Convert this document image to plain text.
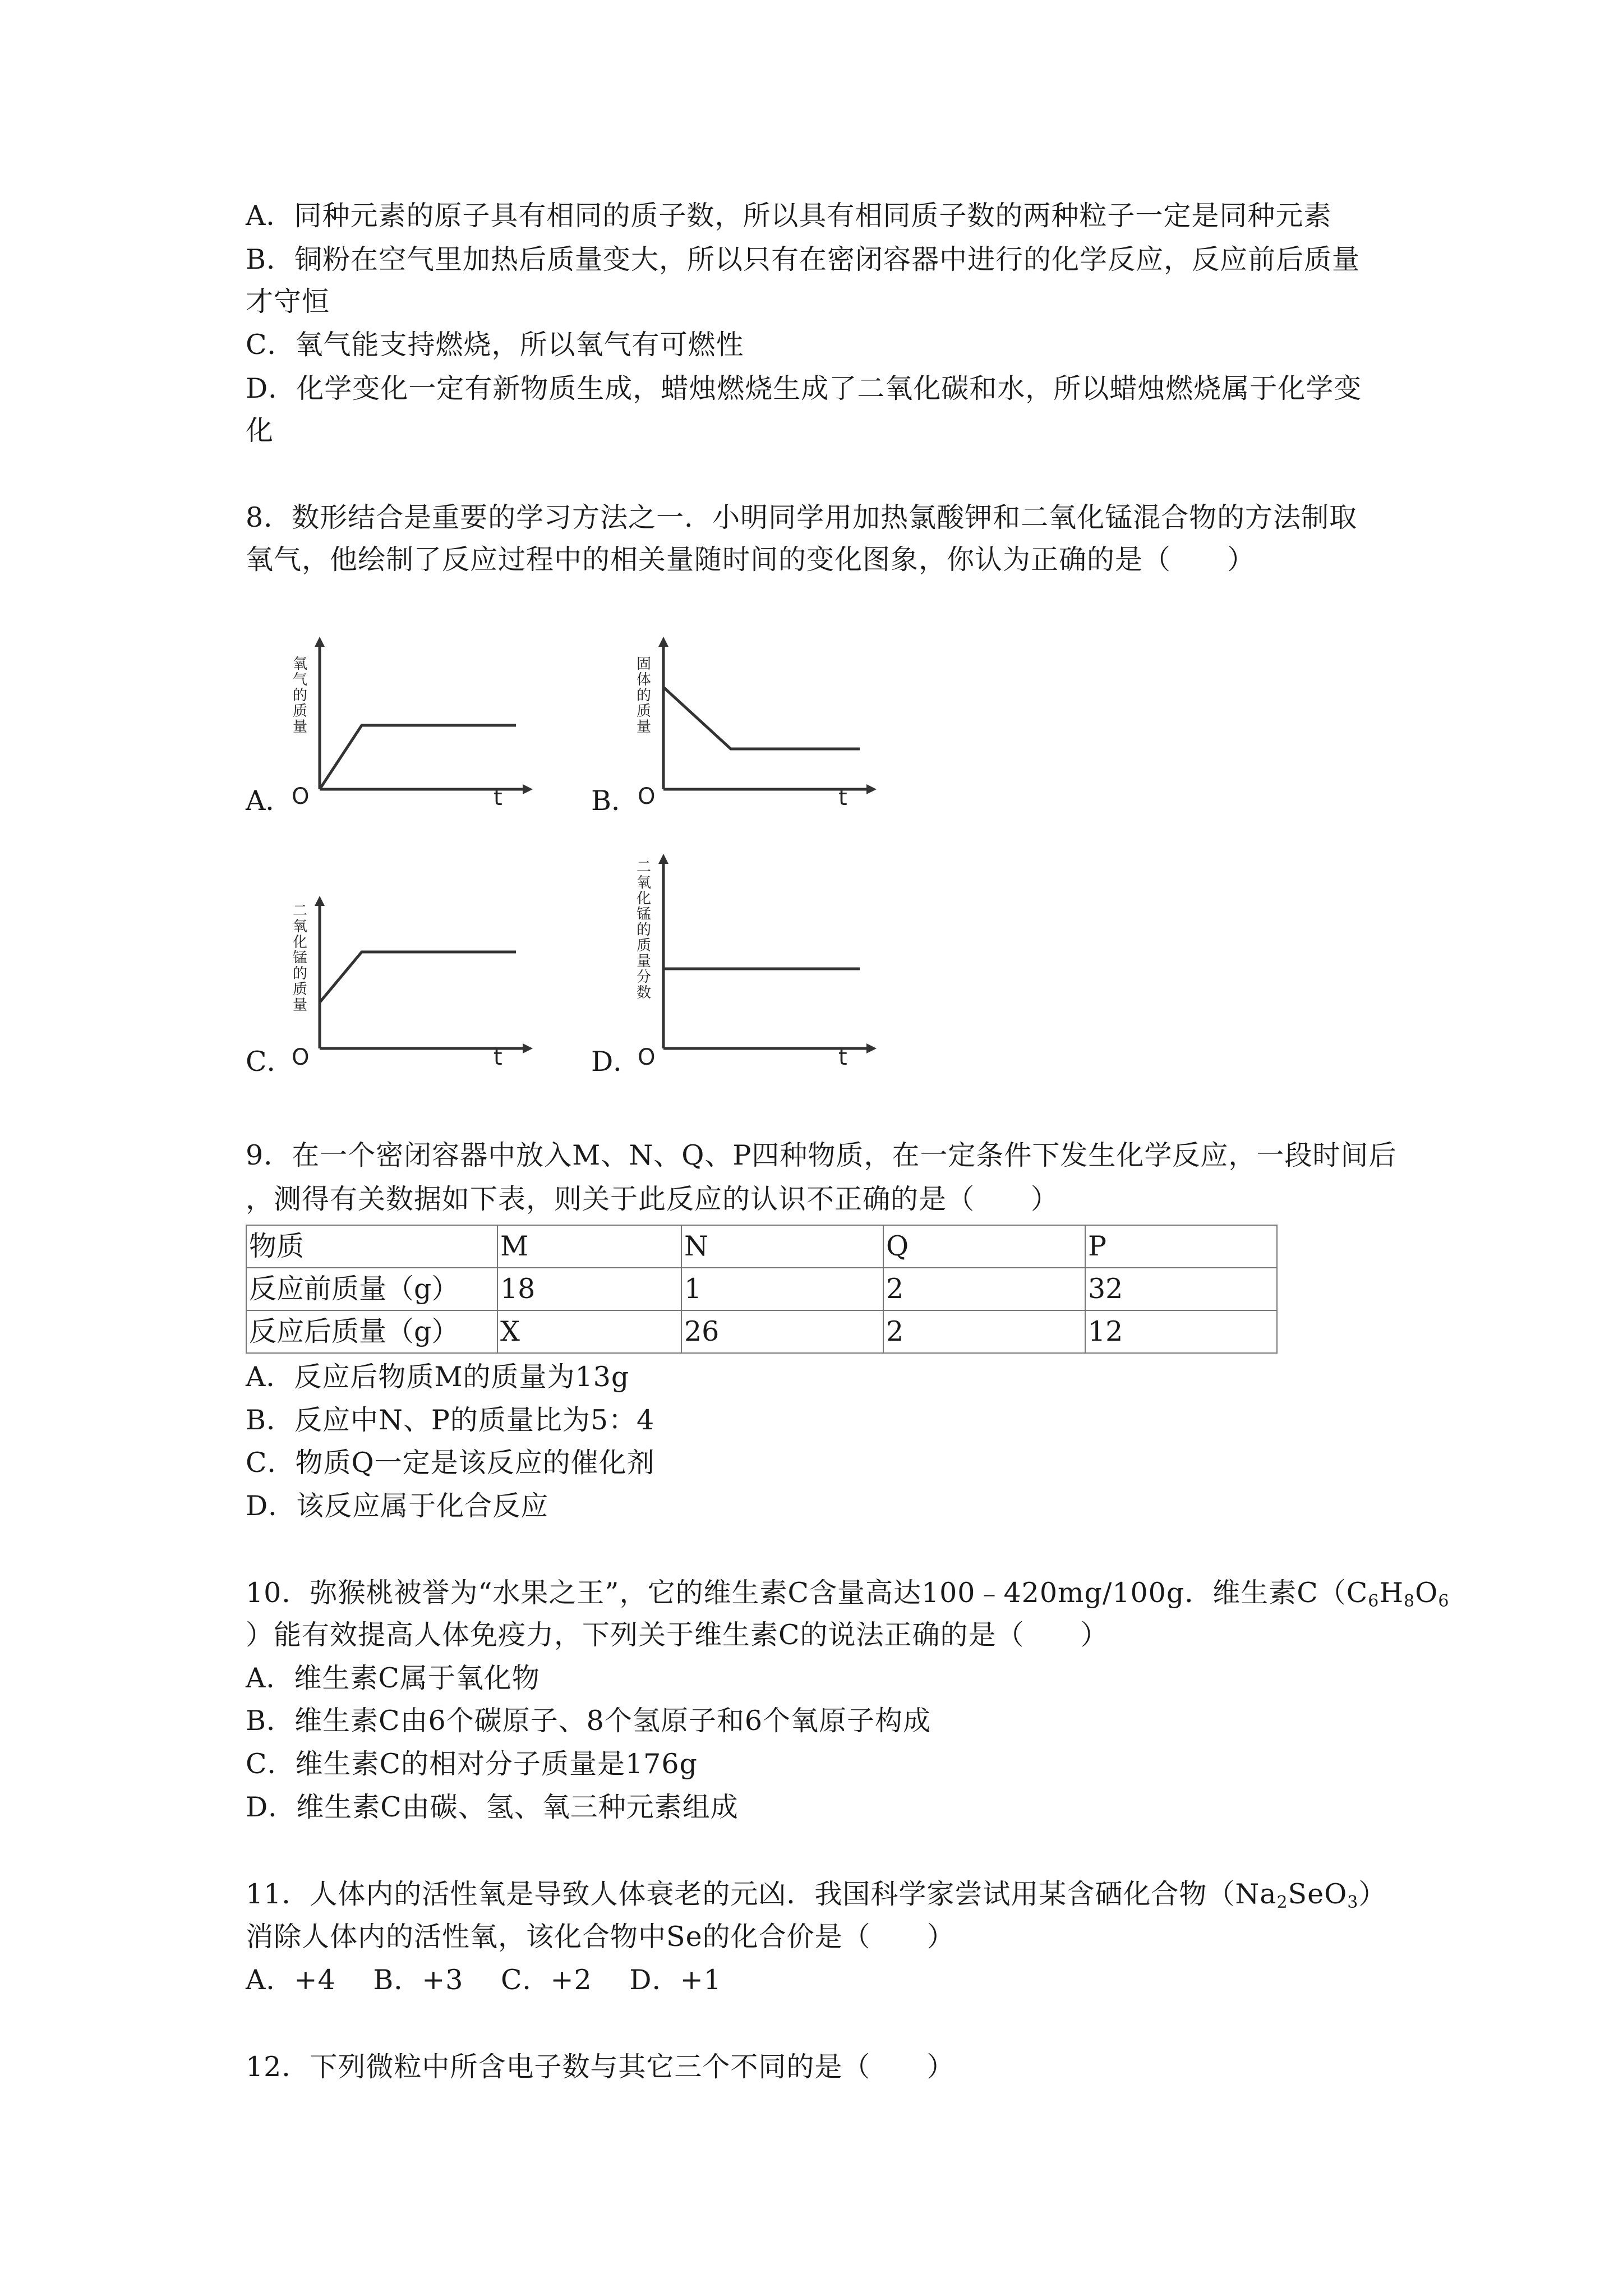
A．同种元素的原子具有相同的质子数，所以具有相同质子数的两种粒子一定是同种元素
B．铜粉在空气里加热后质量变大，所以只有在密闭容器中进行的化学反应，反应前后质量
才守恒
C．氧气能支持燃烧，所以氧气有可燃性
D．化学变化一定有新物质生成，蜡烛燃烧生成了二氧化碳和水，所以蜡烛燃烧属于化学变
化
8．数形结合是重要的学习方法之一．小明同学用加热氯酸钾和二氧化锰混合物的方法制取
氧气，他绘制了反应过程中的相关量随时间的变化图象，你认为正确的是（　　）
A．
氧气的质量
O	t	B．
固体的质量
O	t
C．
二氧化锰的质量
O	t	D．
二氧化锰的质量分数
O	t
9．在一个密闭容器中放入M、N、Q、P四种物质，在一定条件下发生化学反应，一段时间后
，测得有关数据如下表，则关于此反应的认识不正确的是（　　）
物质	M	N	Q	P
反应前质量（g）	18	1	2	32
反应后质量（g）	X	26	2	12
A．反应后物质M的质量为13g
B．反应中N、P的质量比为5：4
C．物质Q一定是该反应的催化剂
D．该反应属于化合反应
10．弥猴桃被誉为“水果之王”，它的维生素C含量高达100﹣420mg/100g．维生素$C(C_6H_8O_6$
）能有效提高人体免疫力，下列关于维生素C的说法正确的是（　　）
A．维生素C属于氧化物
B．维生素C由6个碳原子、8个氢原子和6个氧原子构成
C．维生素C的相对分子质量是176g
D．维生素C由碳、氢、氧三种元素组成
11．人体内的活性氧是导致人体衰老的元凶．我国科学家尝试用某含硒化合物$(Na_2SeO_3)$
消除人体内的活性氧，该化合物中Se的化合价是（　　）
A．+4　 B．+3　 C．+2　 D．+1
12．下列微粒中所含电子数与其它三个不同的是（　　）
